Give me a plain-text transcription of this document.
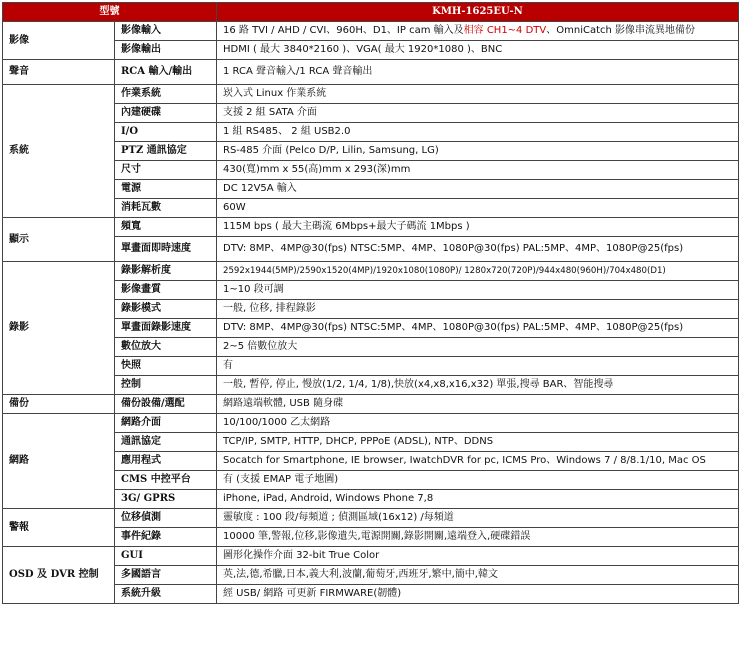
型號		KMH-1625EU-N
影像	影像輸入	16 路 TVI / AHD / CVI、960H、D1、IP cam 輸入及相容 CH1~4 DTV、OmniCatch 影像串流異地備份
	影像輸出	HDMI ( 最大 3840*2160 )、VGA( 最大 1920*1080 )、BNC
聲音	RCA 輸入/輸出	1 RCA 聲音輸入/1 RCA 聲音輸出
系統	作業系統	崁入式 Linux 作業系統
	內建硬碟	支援 2 組 SATA 介面
	I/O	1 組 RS485、 2 組 USB2.0
	PTZ 通訊協定	RS-485 介面 (Pelco D/P, Lilin, Samsung, LG)
	尺寸	430(寬)mm x 55(高)mm x 293(深)mm
	電源	DC 12V5A 輸入
	消耗瓦數	60W
顯示	頻寬	115M bps ( 最大主碼流 6Mbps+最大子碼流 1Mbps )
	單畫面即時速度	DTV: 8MP、4MP@30(fps) NTSC:5MP、4MP、1080P@30(fps) PAL:5MP、4MP、1080P@25(fps)
錄影	錄影解析度	2592x1944(5MP)/2590x1520(4MP)/1920x1080(1080P)/ 1280x720(720P)/944x480(960H)/704x480(D1)
	影像畫質	1~10 段可調
	錄影模式	一般, 位移, 排程錄影
	單畫面錄影速度	DTV: 8MP、4MP@30(fps) NTSC:5MP、4MP、1080P@30(fps) PAL:5MP、4MP、1080P@25(fps)
	數位放大	2~5 倍數位放大
	快照	有
	控制	一般, 暫停, 停止, 慢放(1/2, 1/4, 1/8),快放(x4,x8,x16,x32) 單張,搜尋 BAR、智能搜尋
備份	備份設備/選配	網路遠端軟體, USB 隨身碟
網路	網路介面	10/100/1000 乙太網路
	通訊協定	TCP/IP, SMTP, HTTP, DHCP, PPPoE (ADSL), NTP、DDNS
	應用程式	Socatch for Smartphone, IE browser, IwatchDVR for pc, ICMS Pro、Windows 7 / 8/8.1/10, Mac OS
	CMS 中控平台	有 (支援 EMAP 電子地圖)
	3G/ GPRS	iPhone, iPad, Android, Windows Phone 7,8
警報	位移偵測	靈敏度 : 100 段/每頻道 ; 偵測區域(16x12) /每頻道
	事件紀錄	10000 筆,警報,位移,影像遺失,電源開關,錄影開關,遠端登入,硬碟錯誤
OSD 及 DVR 控制	GUI	圖形化操作介面 32-bit True Color
	多國語言	英,法,德,希臘,日本,義大利,波蘭,葡萄牙,西班牙,繁中,簡中,韓文
	系統升級	經 USB/ 網路 可更新 FIRMWARE(韌體)
